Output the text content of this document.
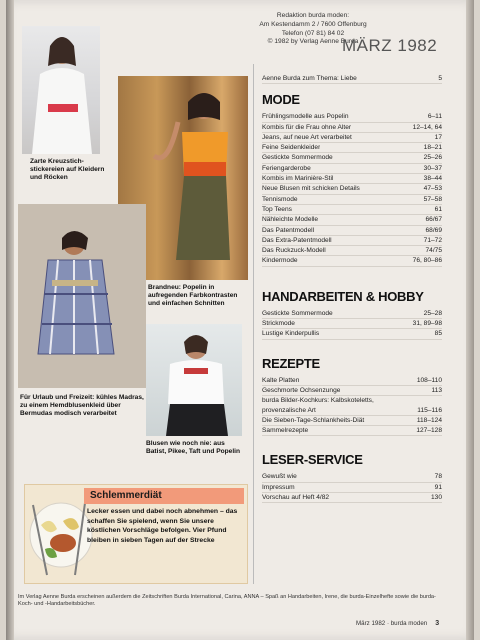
Redaktion burda moden:
Am Kestendamm 2 / 7600 Offenburg
Telefon (07 81) 84 02
© 1982 by Verlag Aenne Burda
MÄRZ 1982
Zarte Kreuzstich-stickereien auf Kleidern und Röcken
Brandneu: Popelin in aufregenden Farbkontrasten und einfachen Schnitten
Für Urlaub und Freizeit: kühles Madras, zu einem Hemdblusenkleid über Bermudas modisch verarbeitet
Blusen wie noch nie: aus Batist, Pikee, Taft und Popelin
Schlemmerdiät
Lecker essen und dabei noch abnehmen – das schaffen Sie spielend, wenn Sie unsere köstlichen Vorschläge befolgen. Vier Pfund bleiben in sieben Tagen auf der Strecke
Aenne Burda zum Thema: Liebe	5
MODE
Frühlingsmodelle aus Popelin	6–11
Kombis für die Frau ohne Alter	12–14, 64
Jeans, auf neue Art verarbeitet	17
Feine Seidenkleider	18–21
Gestickte Sommermode	25–26
Feriengarderobe	30–37
Kombis im Marinière-Stil	38–44
Neue Blusen mit schicken Details	47–53
Tennismode	57–58
Top Teens	61
Nähleichte Modelle	66/67
Das Patentmodell	68/69
Das Extra-Patentmodell	71–72
Das Ruckzuck-Modell	74/75
Kindermode	76, 80–86
HANDARBEITEN & HOBBY
Gestickte Sommermode	25–28
Strickmode	31, 89–98
Lustige Kinderpullis	85
REZEPTE
Kalte Platten	108–110
Geschmorte Ochsenzunge	113
burda Bilder-Kochkurs: Kalbskoteletts, provenzalische Art	115–116
Die Sieben-Tage-Schlankheits-Diät	118–124
Sammelrezepte	127–128
LESER-SERVICE
Gewußt wie	78
Impressum	91
Vorschau auf Heft 4/82	130
Im Verlag Aenne Burda erscheinen außerdem die Zeitschriften Burda International, Carina, ANNA – Spaß an Handarbeiten, Irene, die burda-Einzelhefte sowie die burda-Koch- und -Handarbeitsbücher.
März 1982 · burda moden 3
